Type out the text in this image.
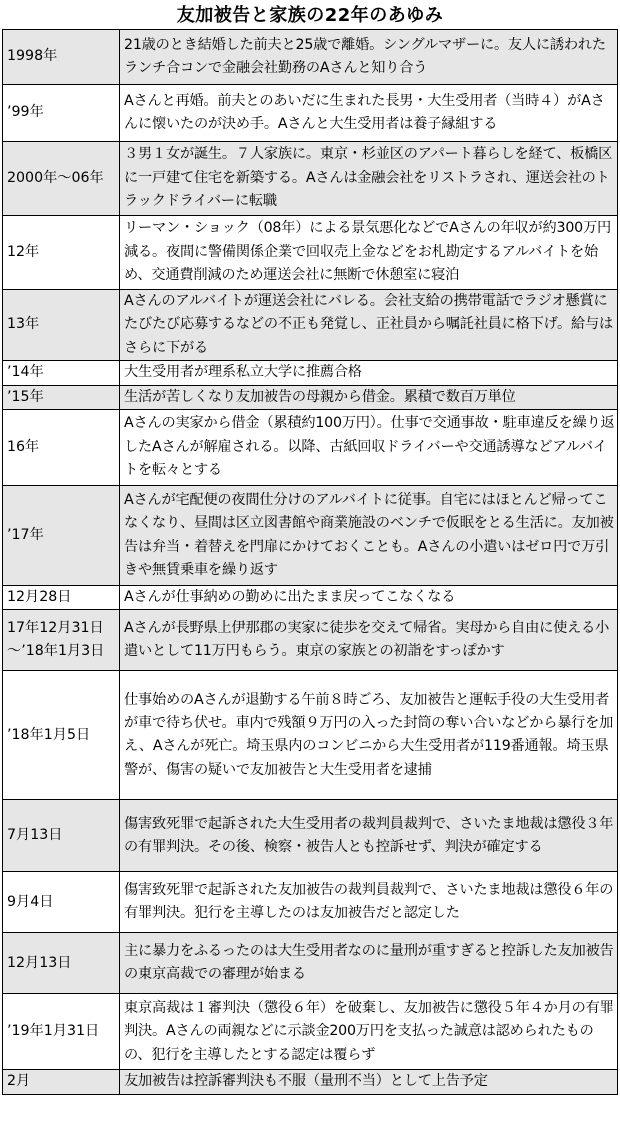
友加被告と家族の22年のあゆみ
1998年	21歳のとき結婚した前夫と25歳で離婚。シングルマザーに。友人に誘われたランチ合コンで金融会社勤務のAさんと知り合う
’99年	Aさんと再婚。前夫とのあいだに生まれた長男・大生受用者（当時４）がAさんに懐いたのが決め手。Aさんと大生受用者は養子縁組する
2000年～06年	３男１女が誕生。７人家族に。東京・杉並区のアパート暮らしを経て、板橋区に一戸建て住宅を新築する。Aさんは金融会社をリストラされ、運送会社のトラックドライバーに転職
12年	リーマン・ショック（08年）による景気悪化などでAさんの年収が約300万円減る。夜間に警備関係企業で回収売上金などをお札勘定するアルバイトを始め、交通費削減のため運送会社に無断で休憩室に寝泊
13年	Aさんのアルバイトが運送会社にバレる。会社支給の携帯電話でラジオ懸賞にたびたび応募するなどの不正も発覚し、正社員から嘱託社員に格下げ。給与はさらに下がる
’14年	大生受用者が理系私立大学に推薦合格
’15年	生活が苦しくなり友加被告の母親から借金。累積で数百万単位
16年	Aさんの実家から借金（累積約100万円）。仕事で交通事故・駐車違反を繰り返したAさんが解雇される。以降、古紙回収ドライバーや交通誘導などアルバイトを転々とする
’17年	Aさんが宅配便の夜間仕分けのアルバイトに従事。自宅にはほとんど帰ってこなくなり、昼間は区立図書館や商業施設のベンチで仮眠をとる生活に。友加被告は弁当・着替えを門扉にかけておくことも。Aさんの小遣いはゼロ円で万引きや無賃乗車を繰り返す
12月28日	Aさんが仕事納めの勤めに出たまま戻ってこなくなる
17年12月31日～’18年1月3日	Aさんが長野県上伊那郡の実家に徒歩を交えて帰省。実母から自由に使える小遣いとして11万円もらう。東京の家族との初詣をすっぽかす
’18年1月5日	仕事始めのAさんが退勤する午前８時ごろ、友加被告と運転手役の大生受用者が車で待ち伏せ。車内で残額９万円の入った封筒の奪い合いなどから暴行を加え、Aさんが死亡。埼玉県内のコンビニから大生受用者が119番通報。埼玉県警が、傷害の疑いで友加被告と大生受用者を逮捕
7月13日	傷害致死罪で起訴された大生受用者の裁判員裁判で、さいたま地裁は懲役３年の有罪判決。その後、検察・被告人とも控訴せず、判決が確定する
9月4日	傷害致死罪で起訴された友加被告の裁判員裁判で、さいたま地裁は懲役６年の有罪判決。犯行を主導したのは友加被告だと認定した
12月13日	主に暴力をふるったのは大生受用者なのに量刑が重すぎると控訴した友加被告の東京高裁での審理が始まる
’19年1月31日	東京高裁は１審判決（懲役６年）を破棄し、友加被告に懲役５年４か月の有罪判決。Aさんの両親などに示談金200万円を支払った誠意は認められたものの、犯行を主導したとする認定は覆らず
2月	友加被告は控訴審判決も不服（量刑不当）として上告予定
